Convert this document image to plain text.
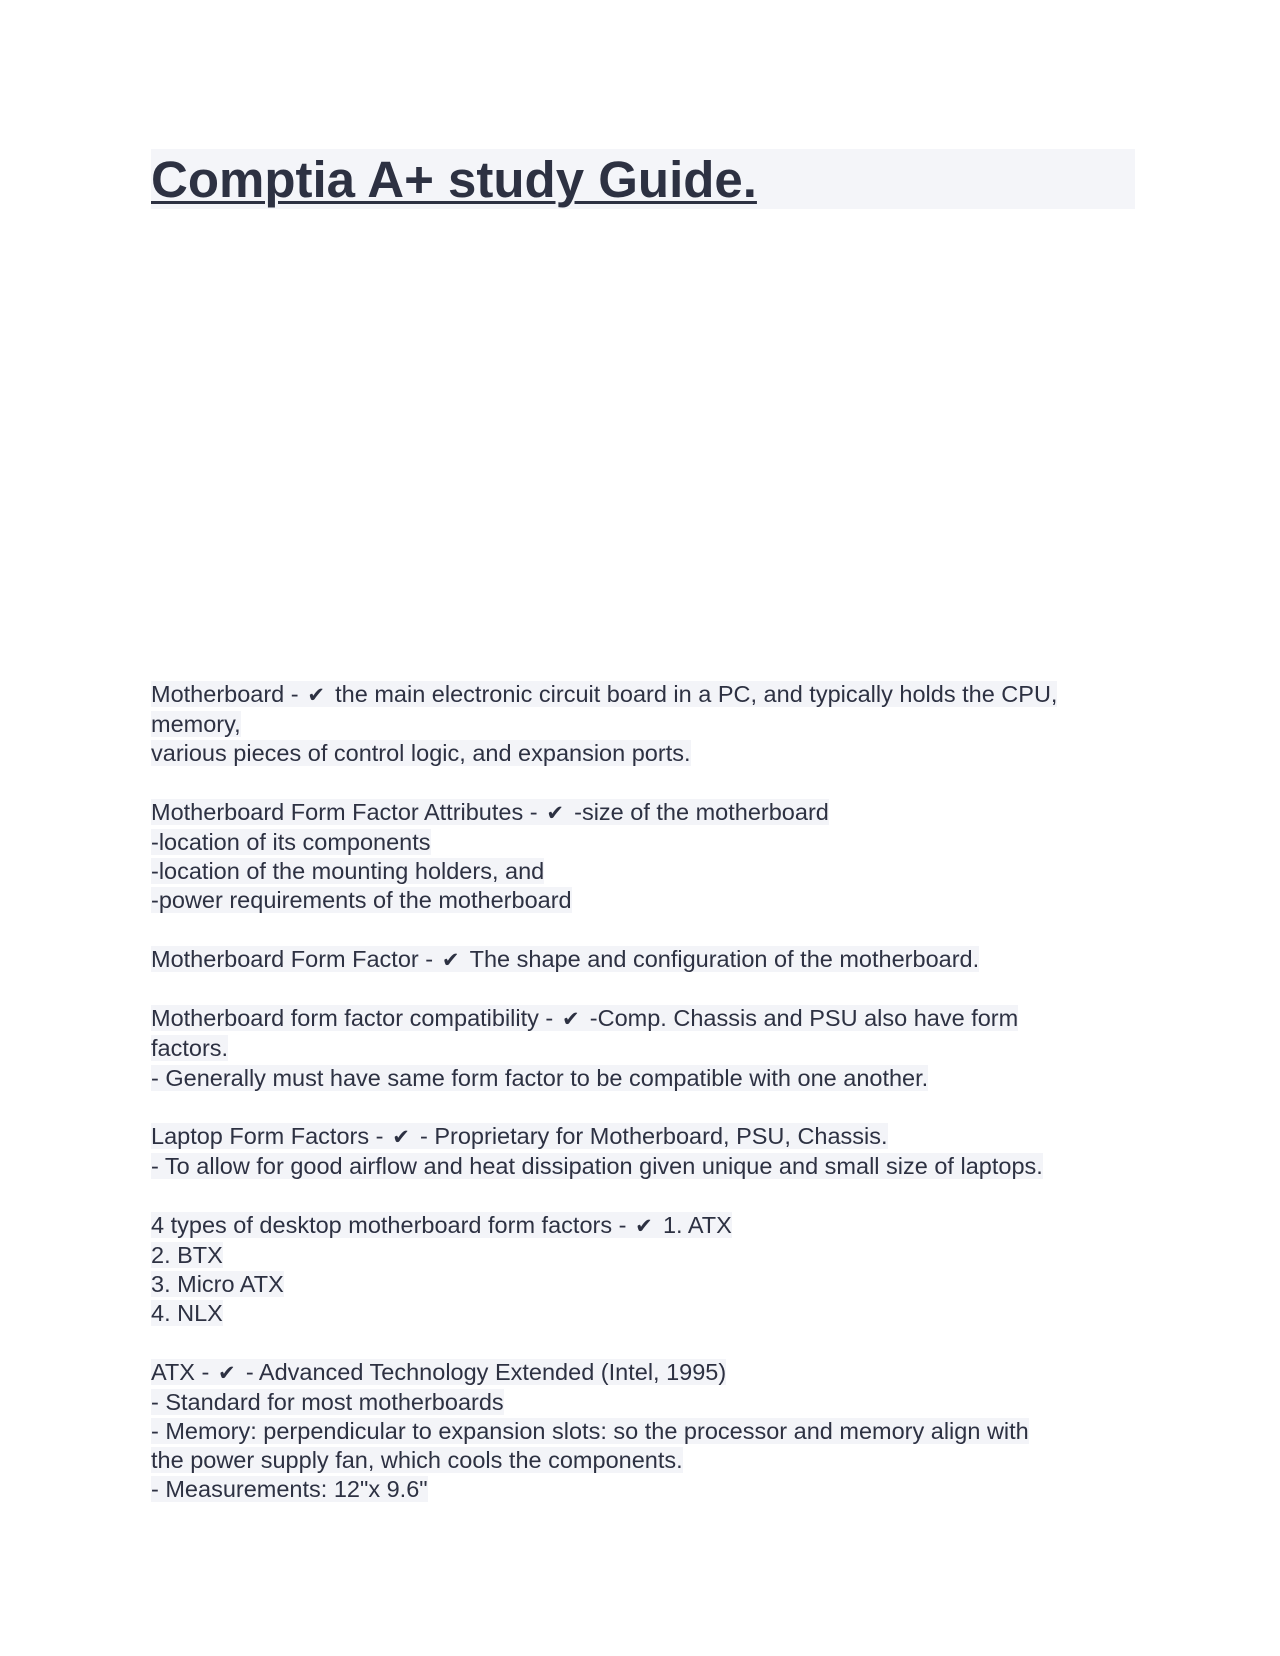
Comptia A+ study Guide.
Motherboard - ✔ the main electronic circuit board in a PC, and typically holds the CPU,
memory,
various pieces of control logic, and expansion ports.
Motherboard Form Factor Attributes - ✔ -size of the motherboard
-location of its components
-location of the mounting holders, and
-power requirements of the motherboard
Motherboard Form Factor - ✔ The shape and configuration of the motherboard.
Motherboard form factor compatibility - ✔ -Comp. Chassis and PSU also have form
factors.
- Generally must have same form factor to be compatible with one another.
Laptop Form Factors - ✔ - Proprietary for Motherboard, PSU, Chassis.
- To allow for good airflow and heat dissipation given unique and small size of laptops.
4 types of desktop motherboard form factors - ✔ 1. ATX
2. BTX
3. Micro ATX
4. NLX
ATX - ✔ - Advanced Technology Extended (Intel, 1995)
- Standard for most motherboards
- Memory: perpendicular to expansion slots: so the processor and memory align with
the power supply fan, which cools the components.
- Measurements: 12"x 9.6"
